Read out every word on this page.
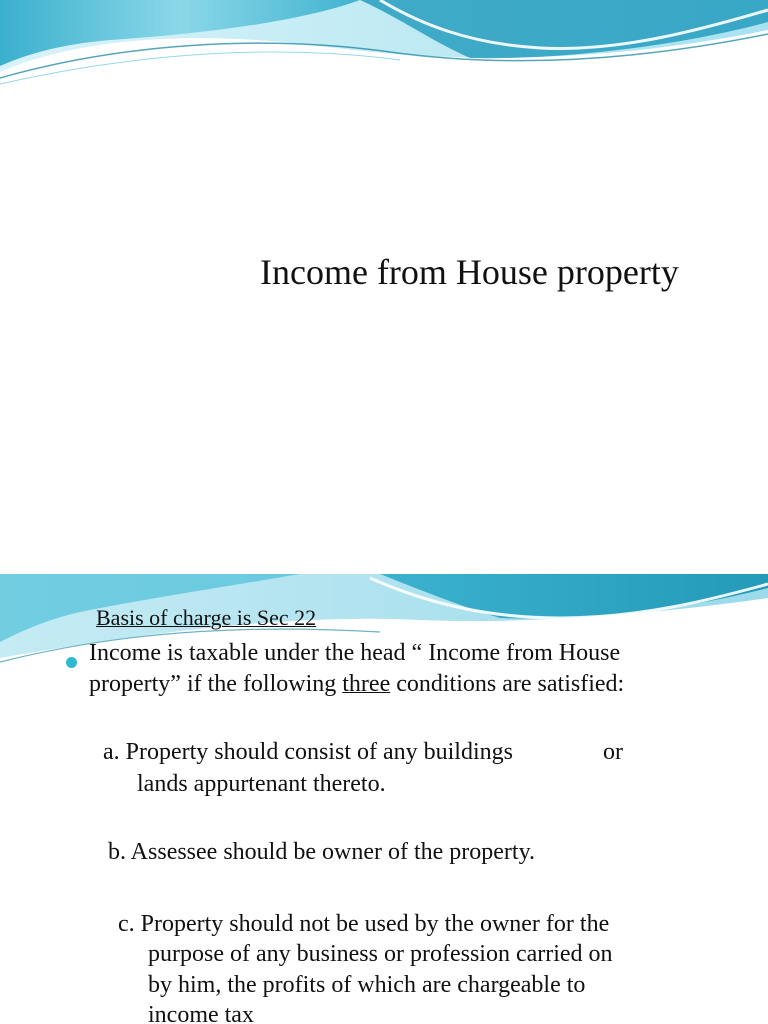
Income from House property
Basis of charge is Sec 22
Income is taxable under the head “ Income from House property” if the following three conditions are satisfied:
a. Property should consist of any buildings	or
lands appurtenant thereto.
b. Assessee should be owner of the property.
c. Property should not be used by the owner for the
purpose of any business or profession carried on
by him, the profits of which are chargeable to
income tax
